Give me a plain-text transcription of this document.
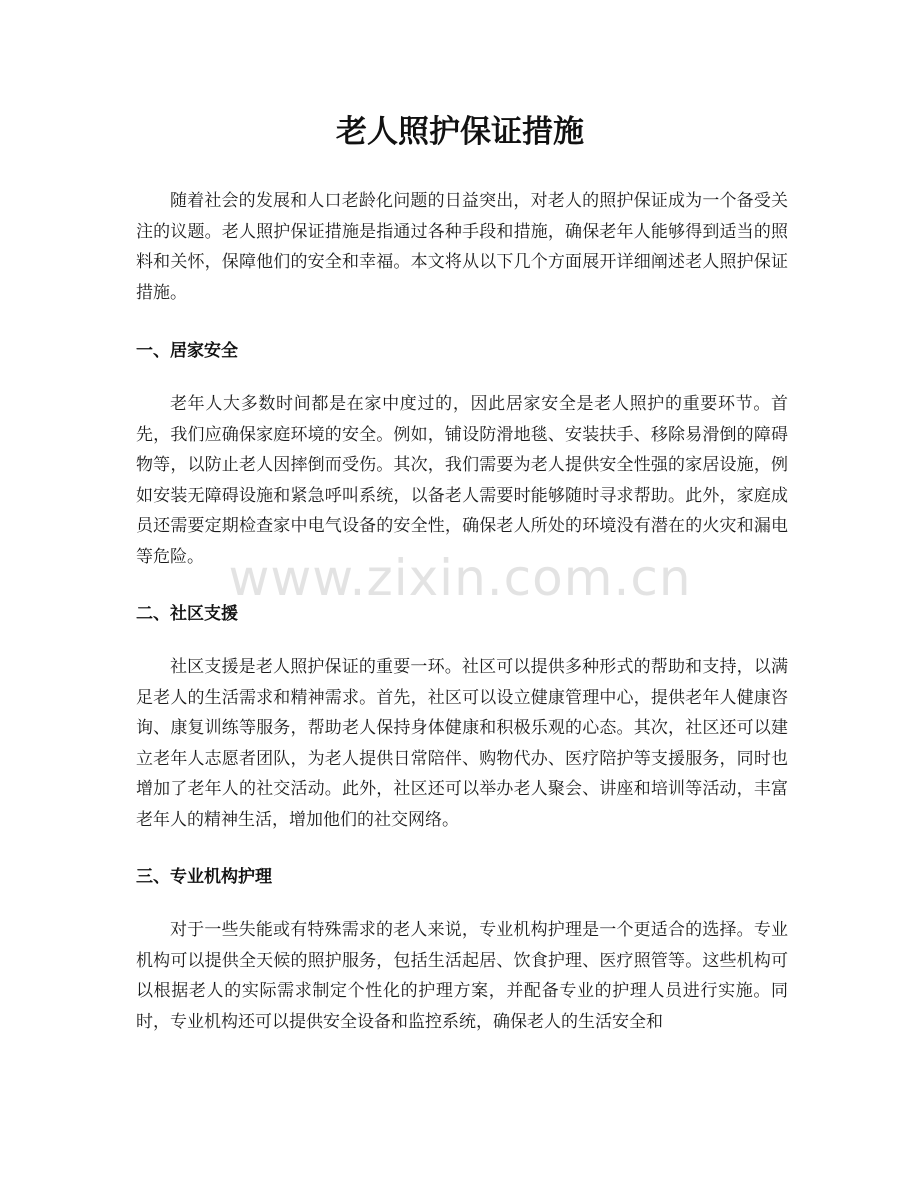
老人照护保证措施

随着社会的发展和人口老龄化问题的日益突出，对老人的照护保证成为一个备受关注的议题。老人照护保证措施是指通过各种手段和措施，确保老年人能够得到适当的照料和关怀，保障他们的安全和幸福。本文将从以下几个方面展开详细阐述老人照护保证措施。

一、居家安全

老年人大多数时间都是在家中度过的，因此居家安全是老人照护的重要环节。首先，我们应确保家庭环境的安全。例如，铺设防滑地毯、安装扶手、移除易滑倒的障碍物等，以防止老人因摔倒而受伤。其次，我们需要为老人提供安全性强的家居设施，例如安装无障碍设施和紧急呼叫系统，以备老人需要时能够随时寻求帮助。此外，家庭成员还需要定期检查家中电气设备的安全性，确保老人所处的环境没有潜在的火灾和漏电等危险。

二、社区支援

社区支援是老人照护保证的重要一环。社区可以提供多种形式的帮助和支持，以满足老人的生活需求和精神需求。首先，社区可以设立健康管理中心，提供老年人健康咨询、康复训练等服务，帮助老人保持身体健康和积极乐观的心态。其次，社区还可以建立老年人志愿者团队，为老人提供日常陪伴、购物代办、医疗陪护等支援服务，同时也增加了老年人的社交活动。此外，社区还可以举办老人聚会、讲座和培训等活动，丰富老年人的精神生活，增加他们的社交网络。

三、专业机构护理

对于一些失能或有特殊需求的老人来说，专业机构护理是一个更适合的选择。专业机构可以提供全天候的照护服务，包括生活起居、饮食护理、医疗照管等。这些机构可以根据老人的实际需求制定个性化的护理方案，并配备专业的护理人员进行实施。同时，专业机构还可以提供安全设备和监控系统，确保老人的生活安全和

www.zixin.com.cn
